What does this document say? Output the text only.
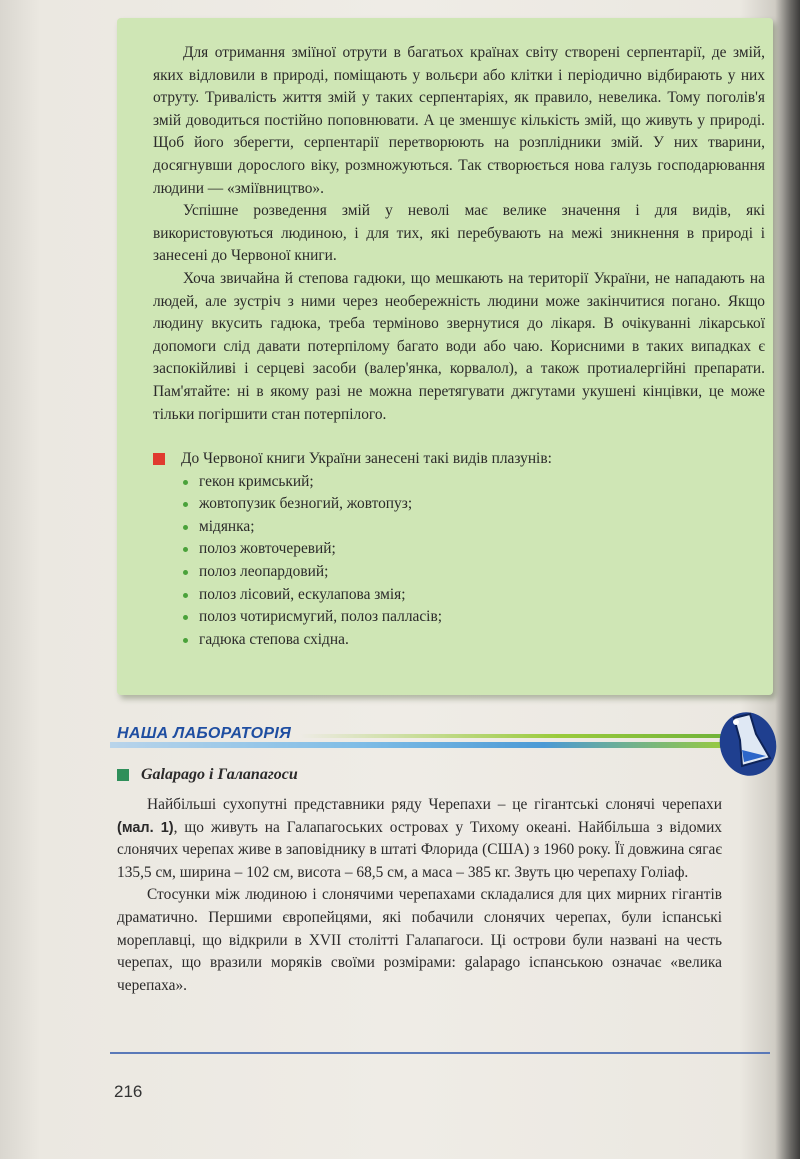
Для отримання зміїної отрути в багатьох країнах світу створені серпентарії, де змій, яких відловили в природі, поміщають у вольєри або клітки і періодично відбирають у них отруту. Тривалість життя змій у таких серпентаріях, як правило, невелика. Тому поголів'я змій доводиться постійно поповнювати. А це зменшує кількість змій, що живуть у природі. Щоб його зберегти, серпентарії перетворюють на розплідники змій. У них тварини, досягнувши дорослого віку, розмножуються. Так створюється нова галузь господарювання людини — «зміївництво».

Успішне розведення змій у неволі має велике значення і для видів, які використовуються людиною, і для тих, які перебувають на межі зникнення в природі і занесені до Червоної книги.

Хоча звичайна й степова гадюки, що мешкають на території України, не нападають на людей, але зустріч з ними через необережність людини може закінчитися погано. Якщо людину вкусить гадюка, треба терміново звернутися до лікаря. В очікуванні лікарської допомоги слід давати потерпілому багато води або чаю. Корисними в таких випадках є заспокійливі і серцеві засоби (валер'янка, корвалол), а також протиалергійні препарати. Пам'ятайте: ні в якому разі не можна перетягувати джгутами укушені кінцівки, це може тільки погіршити стан потерпілого.

До Червоної книги України занесені такі видів плазунів:
гекон кримський;
жовтопузик безногий, жовтопуз;
мідянка;
полоз жовточеревий;
полоз леопардовий;
полоз лісовий, ескулапова змія;
полоз чотирисмугий, полоз палласів;
гадюка степова східна.
НАША ЛАБОРАТОРІЯ
Galapago і Галапагоси

Найбільші сухопутні представники ряду Черепахи – це гігантські слонячі черепахи (мал. 1), що живуть на Галапагоських островах у Тихому океані. Найбільша з відомих слонячих черепах живе в заповіднику в штаті Флорида (США) з 1960 року. Її довжина сягає 135,5 см, ширина – 102 см, висота – 68,5 см, а маса – 385 кг. Звуть цю черепаху Голіаф.

Стосунки між людиною і слонячими черепахами складалися для цих мирних гігантів драматично. Першими європейцями, які побачили слонячих черепах, були іспанські мореплавці, що відкрили в XVII столітті Галапагоси. Ці острови були названі на честь черепах, що вразили моряків своїми розмірами: galapago іспанською означає «велика черепаха».

216
